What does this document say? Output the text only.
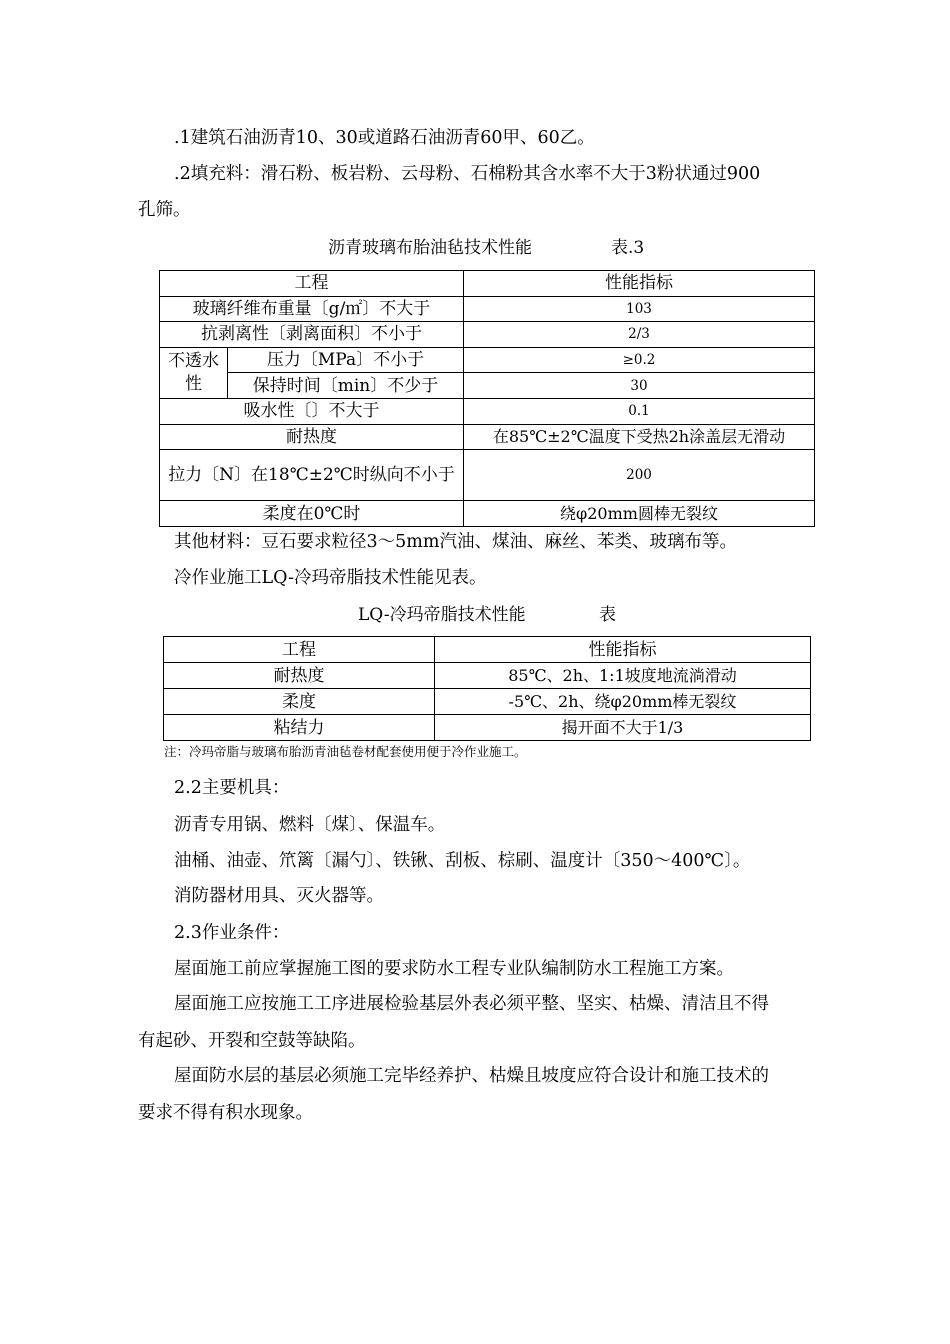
.1建筑石油沥青10、30或道路石油沥青60甲、60乙。
.2填充料：滑石粉、板岩粉、云母粉、石棉粉其含水率不大于3粉状通过900
孔筛。
沥青玻璃布胎油毡技术性能	表.3
工程		性能指标
玻璃纤维布重量〔g/㎡〕不大于		103
抗剥离性〔剥离面积〕不小于		2/3
不透水性	压力〔MPa〕不小于	≥0.2
	保持时间〔min〕不少于	30
吸水性〔〕不大于		0.1
耐热度		在85℃±2℃温度下受热2h涂盖层无滑动
拉力〔N〕在18℃±2℃时纵向不小于		200
柔度在0℃时		绕φ20mm圆棒无裂纹
其他材料：豆石要求粒径3～5mm汽油、煤油、麻丝、苯类、玻璃布等。
冷作业施工LQ-冷玛帝脂技术性能见表。
LQ-冷玛帝脂技术性能	表
工程	性能指标
耐热度	85℃、2h、1:1坡度地流淌滑动
柔度	-5℃、2h、绕φ20mm棒无裂纹
粘结力	揭开面不大于1/3
注：冷玛帝脂与玻璃布胎沥青油毡卷材配套使用便于冷作业施工。
2.2主要机具：
沥青专用锅、燃料〔煤〕、保温车。
油桶、油壶、笊篱〔漏勺〕、铁锹、刮板、棕刷、温度计〔350～400℃〕。
消防器材用具、灭火器等。
2.3作业条件：
屋面施工前应掌握施工图的要求防水工程专业队编制防水工程施工方案。
屋面施工应按施工工序进展检验基层外表必须平整、坚实、枯燥、清洁且不得
有起砂、开裂和空鼓等缺陷。
屋面防水层的基层必须施工完毕经养护、枯燥且坡度应符合设计和施工技术的
要求不得有积水现象。
